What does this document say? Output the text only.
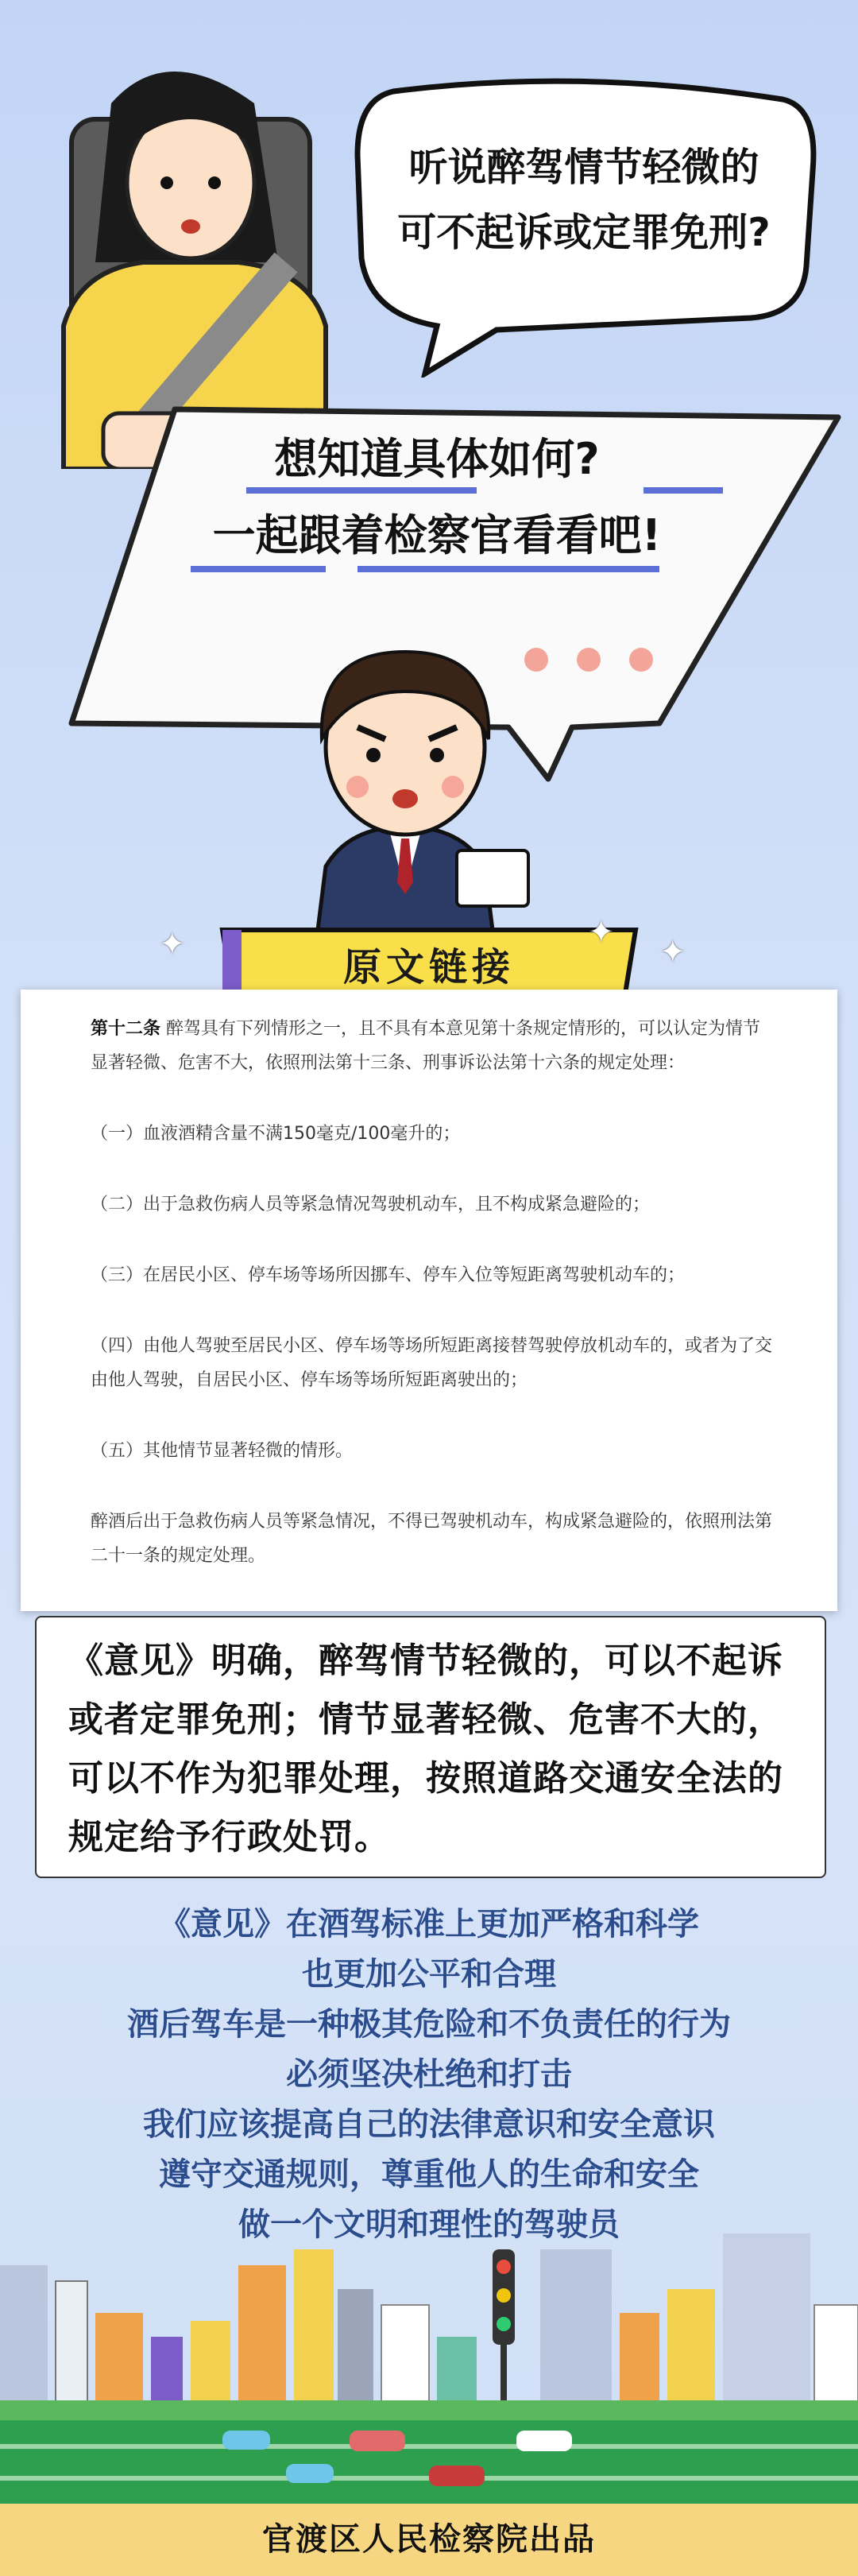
听说醉驾情节轻微的
可不起诉或定罪免刑?
想知道具体如何?
一起跟着检察官看看吧!
原文链接
✦	✦
✦

第十二条 醉驾具有下列情形之一，且不具有本意见第十条规定情形的，可以认定为情节显著轻微、危害不大，依照刑法第十三条、刑事诉讼法第十六条的规定处理：

（一）血液酒精含量不满150毫克/100毫升的；

（二）出于急救伤病人员等紧急情况驾驶机动车，且不构成紧急避险的；

（三）在居民小区、停车场等场所因挪车、停车入位等短距离驾驶机动车的；

（四）由他人驾驶至居民小区、停车场等场所短距离接替驾驶停放机动车的，或者为了交由他人驾驶，自居民小区、停车场等场所短距离驶出的；

（五）其他情节显著轻微的情形。

醉酒后出于急救伤病人员等紧急情况，不得已驾驶机动车，构成紧急避险的，依照刑法第二十一条的规定处理。

《意见》明确，醉驾情节轻微的，可以不起诉或者定罪免刑；情节显著轻微、危害不大的，可以不作为犯罪处理，按照道路交通安全法的规定给予行政处罚。
《意见》在酒驾标准上更加严格和科学
也更加公平和合理
酒后驾车是一种极其危险和不负责任的行为
必须坚决杜绝和打击
我们应该提高自己的法律意识和安全意识
遵守交通规则，尊重他人的生命和安全
做一个文明和理性的驾驶员
官渡区人民检察院出品
